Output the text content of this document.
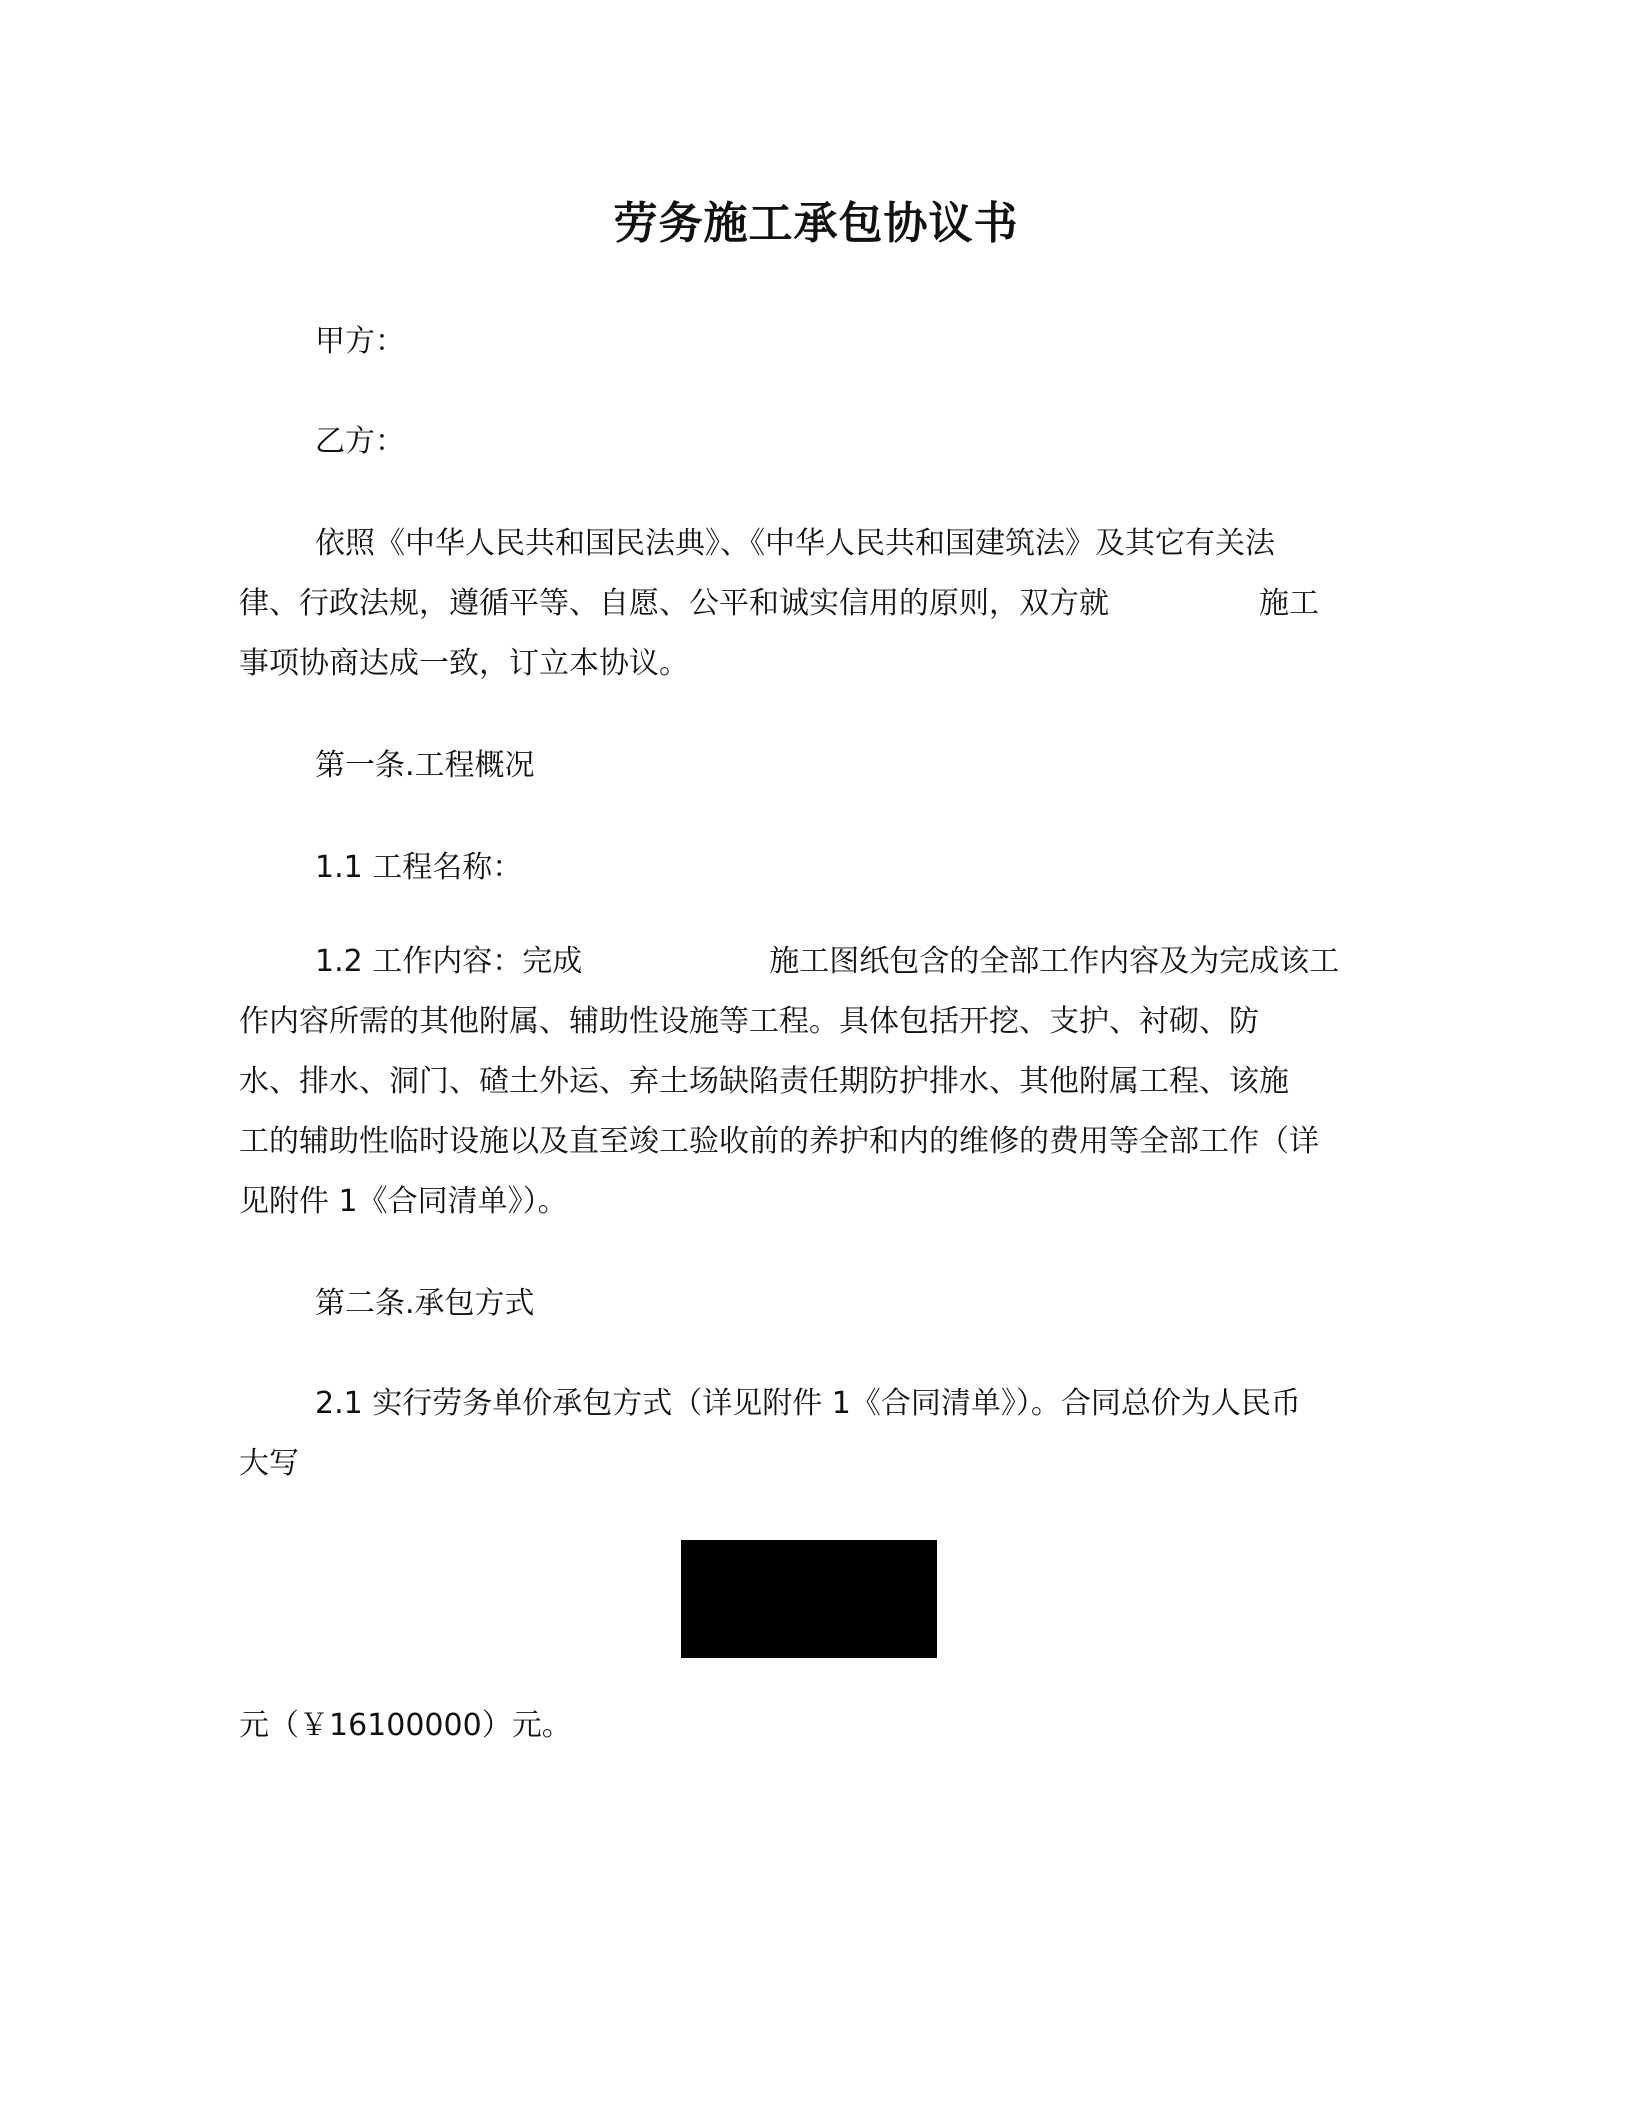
劳务施工承包协议书
甲方：
乙方：
依照《中华人民共和国民法典》、《中华人民共和国建筑法》及其它有关法
律、行政法规，遵循平等、自愿、公平和诚实信用的原则，双方就	施工
事项协商达成一致，订立本协议。
第一条.工程概况
1.1 工程名称：
1.2 工作内容：完成	施工图纸包含的全部工作内容及为完成该工
作内容所需的其他附属、辅助性设施等工程。具体包括开挖、支护、衬砌、防
水、排水、洞门、碴土外运、弃土场缺陷责任期防护排水、其他附属工程、该施
工的辅助性临时设施以及直至竣工验收前的养护和内的维修的费用等全部工作（详
见附件 1《合同清单》）。
第二条.承包方式
2.1 实行劳务单价承包方式（详见附件 1《合同清单》）。合同总价为人民币
大写
元（￥16100000）元。
